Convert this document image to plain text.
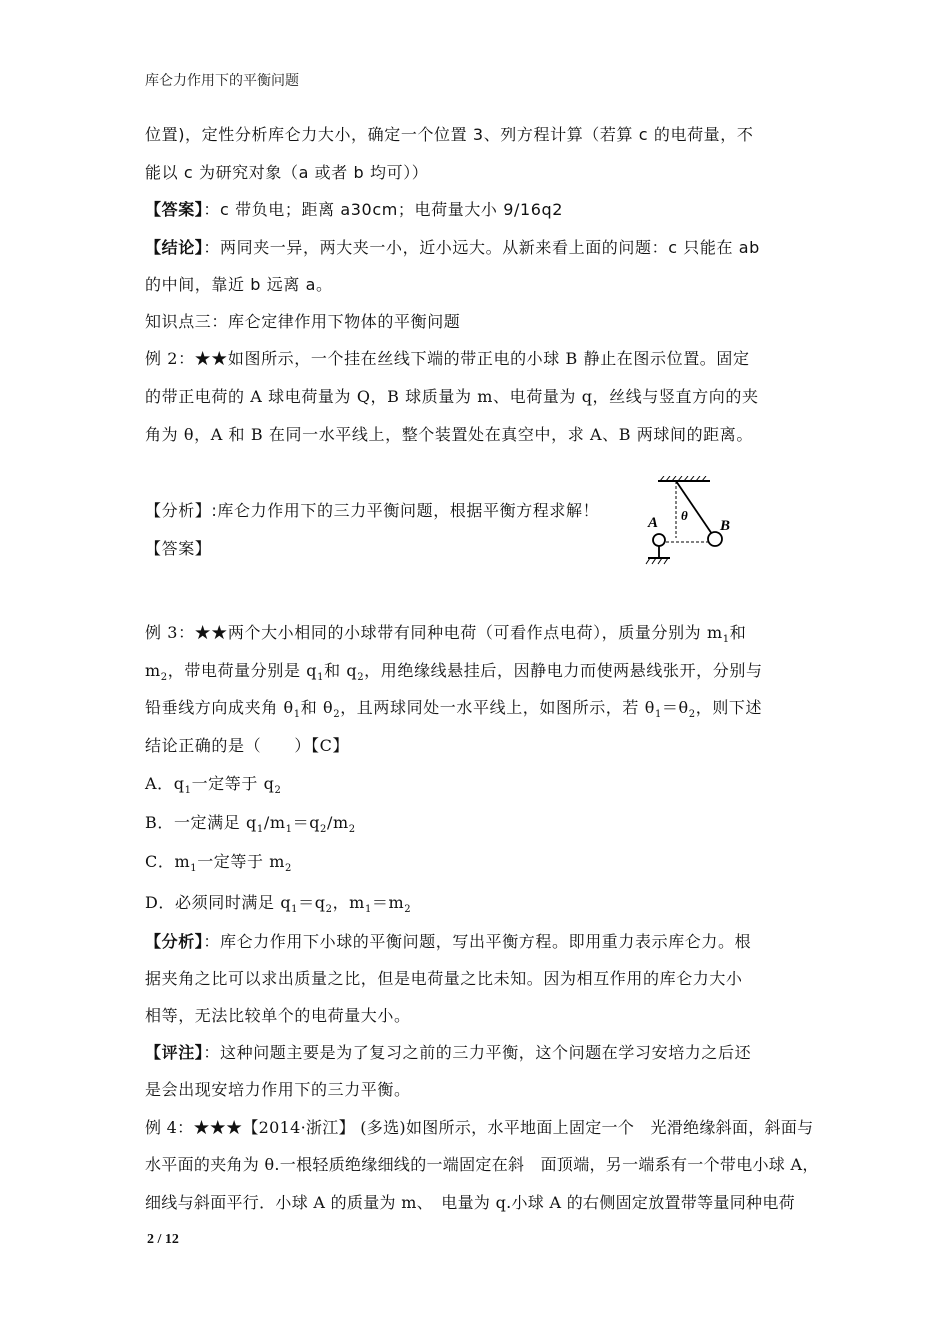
库仑力作用下的平衡问题
位置)，定性分析库仑力大小，确定一个位置 3、列方程计算（若算 c 的电荷量，不
能以 c 为研究对象（a 或者 b 均可））
【答案】：c 带负电；距离 a30cm；电荷量大小 9/16q2
【结论】：两同夹一异，两大夹一小，近小远大。从新来看上面的问题：c 只能在 ab
的中间，靠近 b 远离 a。
知识点三：库仑定律作用下物体的平衡问题
例 2：★★如图所示，一个挂在丝线下端的带正电的小球 B 静止在图示位置。固定
的带正电荷的 A 球电荷量为 Q，B 球质量为 m、电荷量为 q，丝线与竖直方向的夹
角为 θ，A 和 B 在同一水平线上，整个装置处在真空中，求 A、B 两球间的距离。
【分析】:库仑力作用下的三力平衡问题，根据平衡方程求解！
【答案】
A	B
θ
例 3：★★两个大小相同的小球带有同种电荷（可看作点电荷），质量分别为 $m_1$和
$m_2$，带电荷量分别是 $q_1$和 $q_2$，用绝缘线悬挂后，因静电力而使两悬线张开，分别与
铅垂线方向成夹角 $\theta_1$和 $\theta_2$，且两球同处一水平线上，如图所示，若 $\theta_1=\theta_2$，则下述
结论正确的是（　　）【C】
A．$q_1$一定等于 $q_2$
B．一定满足 $q_1/m_1=q_2/m_2$
C．$m_1$一定等于 $m_2$
D．必须同时满足 $q_1=q_2$，$m_1=m_2$
【分析】：库仑力作用下小球的平衡问题，写出平衡方程。即用重力表示库仑力。根
据夹角之比可以求出质量之比，但是电荷量之比未知。因为相互作用的库仑力大小
相等，无法比较单个的电荷量大小。
【评注】：这种问题主要是为了复习之前的三力平衡，这个问题在学习安培力之后还
是会出现安培力作用下的三力平衡。
例 4：★★★【2014·浙江】 (多选)如图所示，水平地面上固定一个　光滑绝缘斜面，斜面与
水平面的夹角为 θ.一根轻质绝缘细线的一端固定在斜　面顶端，另一端系有一个带电小球 A，
细线与斜面平行．小球 A 的质量为 m、　电量为 q.小球 A 的右侧固定放置带等量同种电荷
2 / 12
